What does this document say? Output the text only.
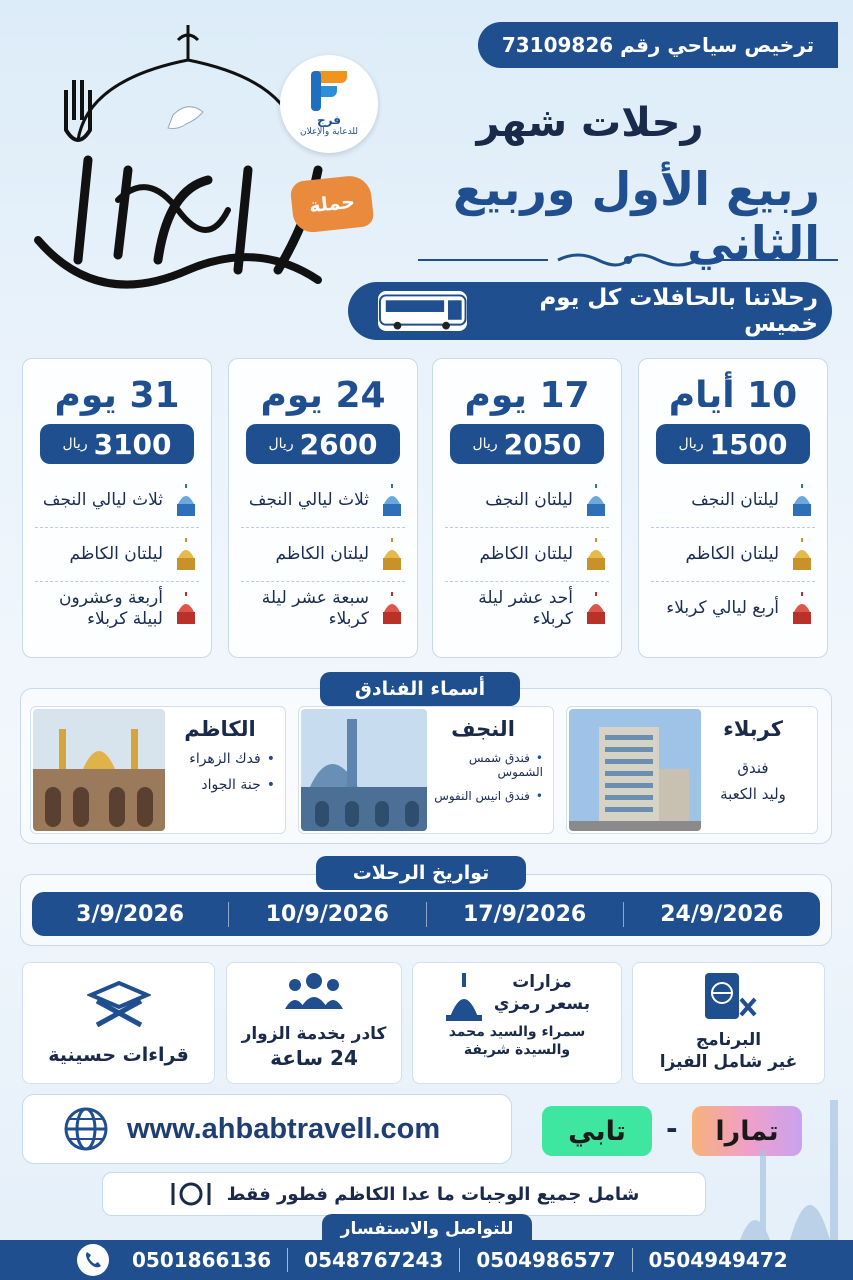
ترخيص سياحي رقم 73109826
حملة
فرج
للدعاية والإعلان	رحلات شهر
ربيع الأول وربيع الثاني
رحلاتنا بالحافلات كل يوم خميس
10 أيام
1500
ريال
ليلتان النجف
ليلتان الكاظم
أربع ليالي كربلاء
17 يوم
2050
ريال
ليلتان النجف
ليلتان الكاظم
أحد عشر ليلة كربلاء
24 يوم
2600
ريال
ثلاث ليالي النجف
ليلتان الكاظم
سبعة عشر ليلة كربلاء
31 يوم
3100
ريال
ثلاث ليالي النجف
ليلتان الكاظم
أربعة وعشرون لبيلة كربلاء
أسماء الفنادق
كربلاء
فندق
وليد الكعبة
النجف
• فندق شمس الشموس
• فندق انيس النفوس
الكاظم
• فدك الزهراء
• جنة الجواد
تواريخ الرحلات
3/9/2026	10/9/2026	17/9/2026	24/9/2026
البرنامج
غير شامل الفيزا
مزارات
بسعر رمزي
سمراء والسيد محمد
والسيدة شريفة
كادر بخدمة الزوار
24 ساعة
قراءات حسينية
www.ahbabtravell.com	تمارا
-
تابي
شامل جميع الوجبات ما عدا الكاظم فطور فقط
للتواصل والاستفسار
0501866136	0548767243	0504986577	0504949472
